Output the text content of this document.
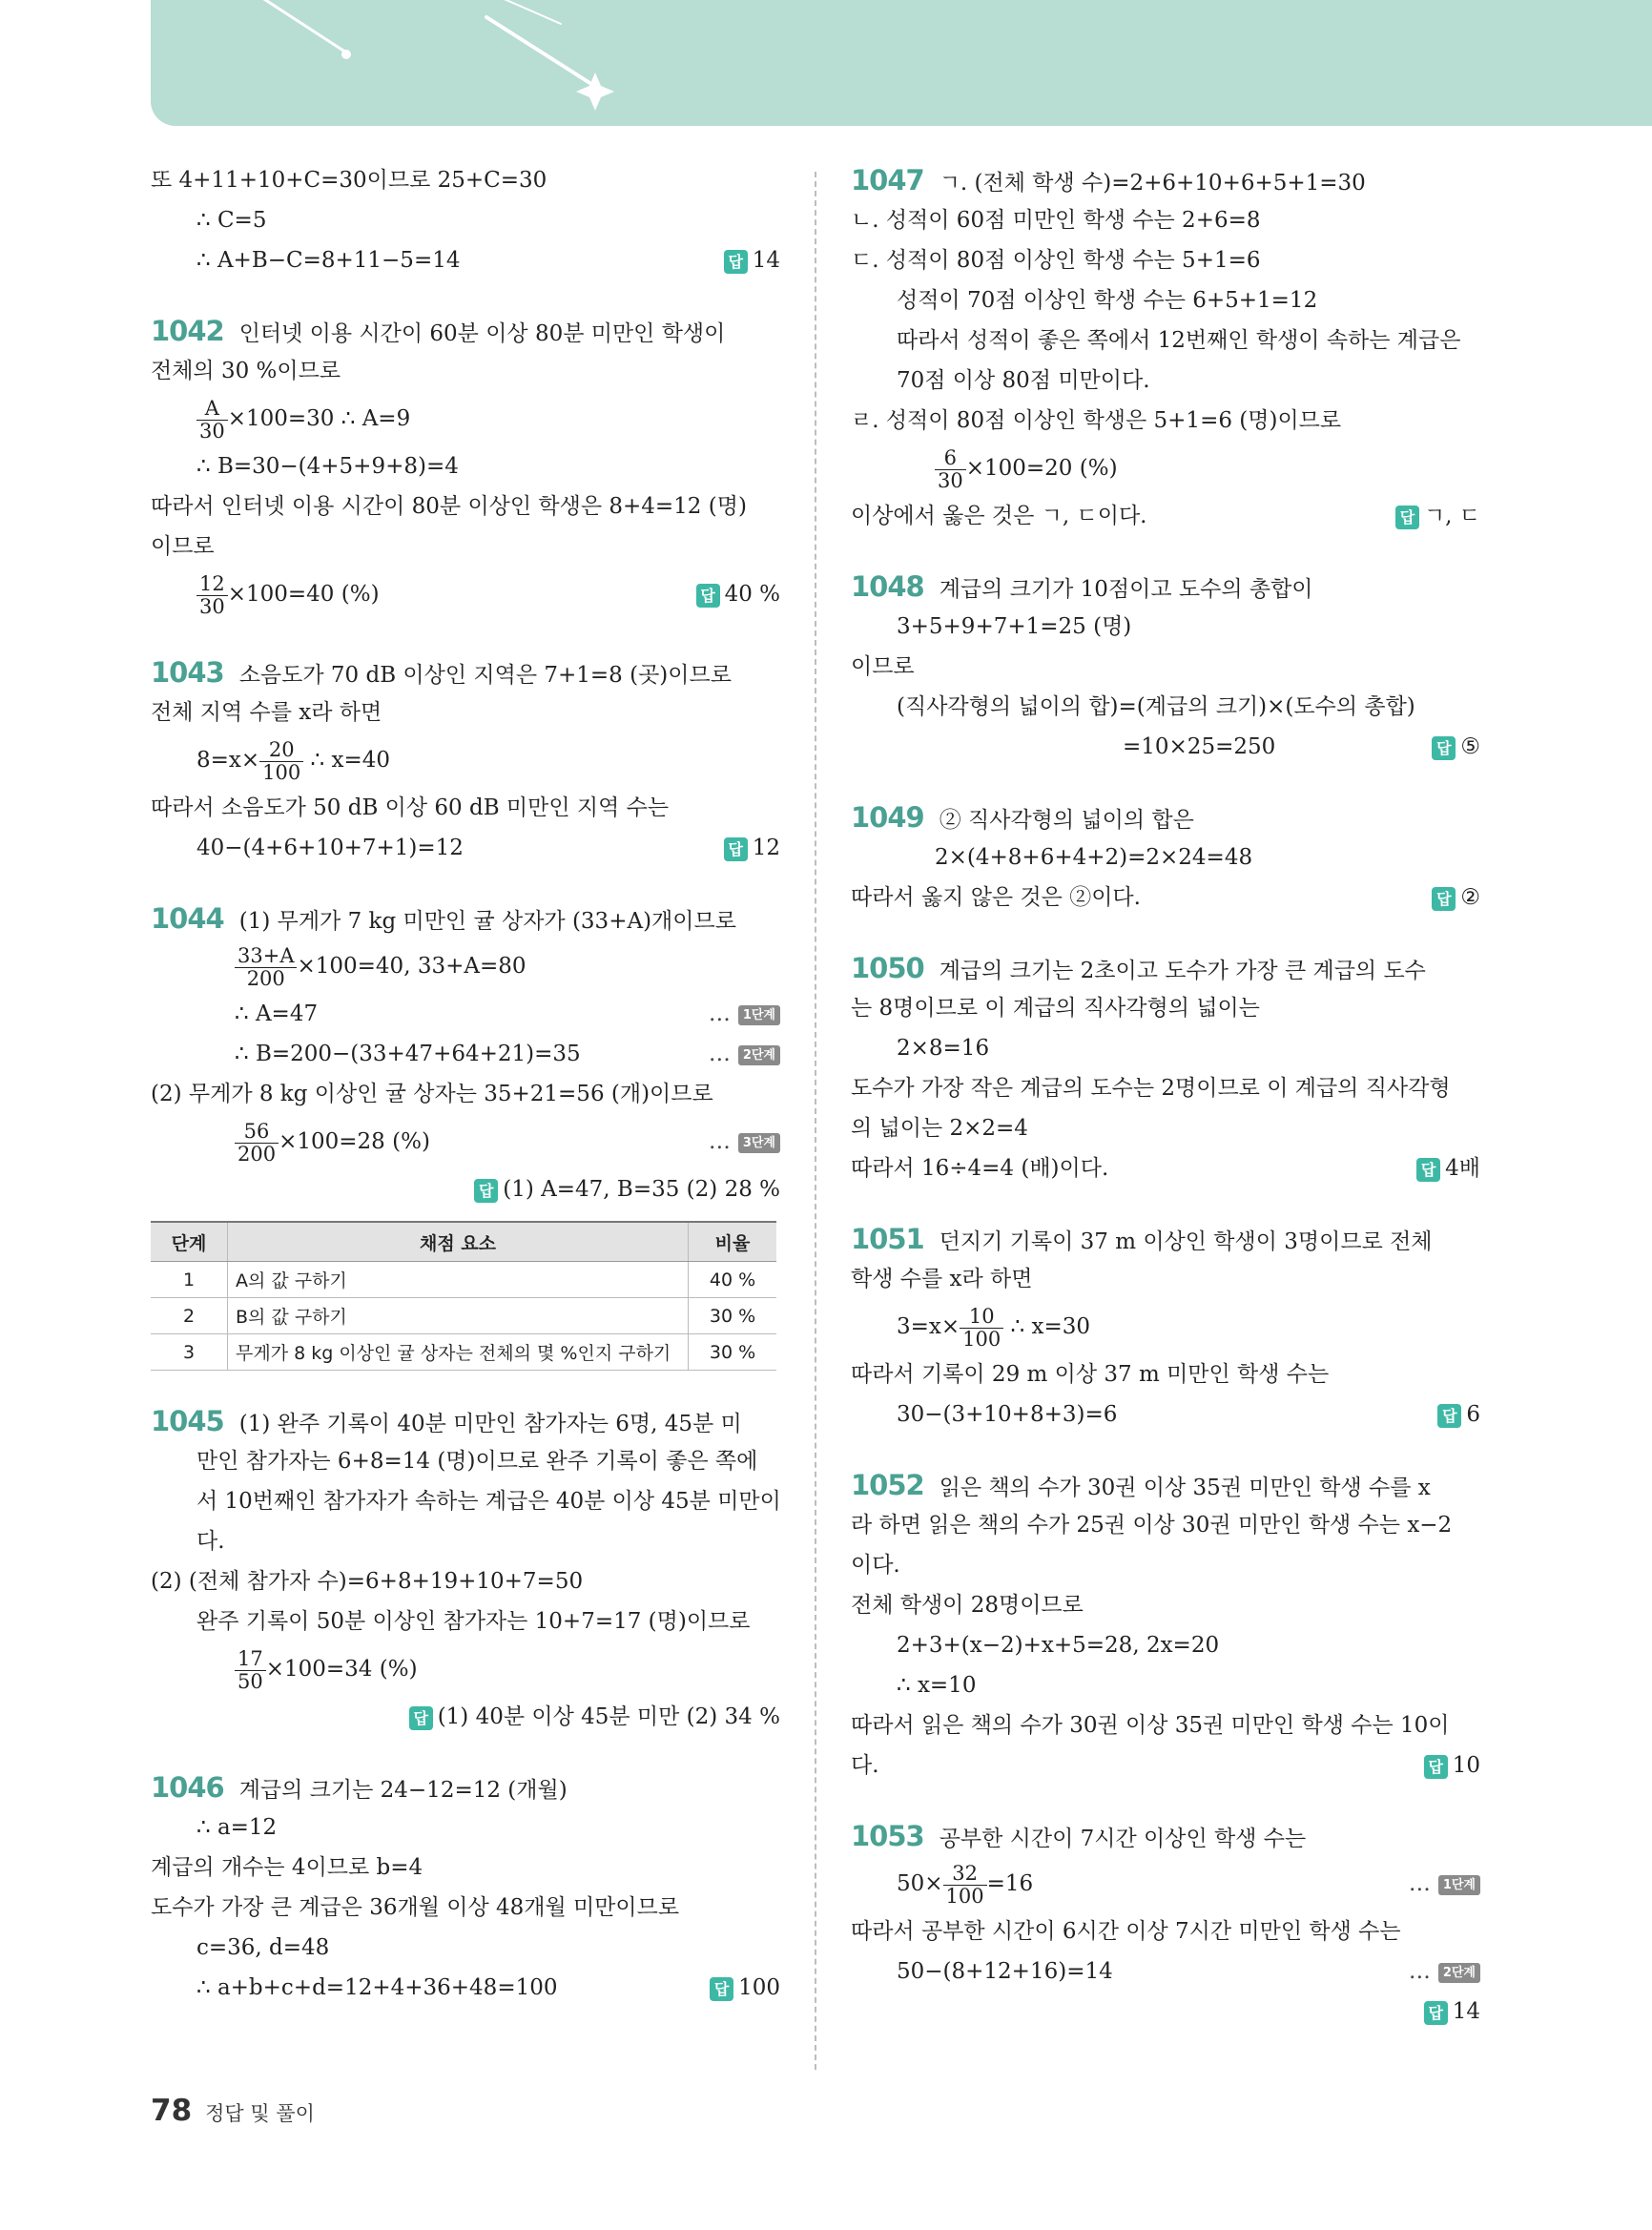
또 4+11+10+C=30이므로 25+C=30
∴ C=5
∴ A+B−C=8+11−5=14	답 14
1042 인터넷 이용 시간이 60분 이상 80분 미만인 학생이
전체의 30 %이므로
$\frac{A}{30} \times 100=30$ ∴ A=9
∴ B=30−(4+5+9+8)=4
따라서 인터넷 이용 시간이 80분 이상인 학생은 8+4=12 (명)
이므로
$\frac{12}{30} \times 100=40$ (%)	답 40 %
1043 소음도가 70 dB 이상인 지역은 7+1=8 (곳)이므로
전체 지역 수를 x라 하면
$8=x\times \frac{20}{100}$ ∴ x=40
따라서 소음도가 50 dB 이상 60 dB 미만인 지역 수는
40−(4+6+10+7+1)=12	답 12
1044 (1) 무게가 7 kg 미만인 귤 상자가 (33+A)개이므로
$\frac{33+A}{200} \times 100=40$, 33+A=80
∴ A=47	… 1단계
∴ B=200−(33+47+64+21)=35	… 2단계
(2) 무게가 8 kg 이상인 귤 상자는 35+21=56 (개)이므로
$\frac{56}{200} \times 100=28$ (%)	… 3단계
답 (1) A=47, B=35 (2) 28 %
단계	채점 요소	비율
1	A의 값 구하기	40 %
2	B의 값 구하기	30 %
3	무게가 8 kg 이상인 귤 상자는 전체의 몇 %인지 구하기	30 %
1045 (1) 완주 기록이 40분 미만인 참가자는 6명, 45분 미
만인 참가자는 6+8=14 (명)이므로 완주 기록이 좋은 쪽에
서 10번째인 참가자가 속하는 계급은 40분 이상 45분 미만이
다.
(2) (전체 참가자 수)=6+8+19+10+7=50
완주 기록이 50분 이상인 참가자는 10+7=17 (명)이므로
$\frac{17}{50} \times 100=34$ (%)
답 (1) 40분 이상 45분 미만 (2) 34 %
1046 계급의 크기는 24−12=12 (개월)
∴ a=12
계급의 개수는 4이므로 b=4
도수가 가장 큰 계급은 36개월 이상 48개월 미만이므로
c=36, d=48
∴ a+b+c+d=12+4+36+48=100	답 100
1047 ㄱ. (전체 학생 수)=2+6+10+6+5+1=30
ㄴ. 성적이 60점 미만인 학생 수는 2+6=8
ㄷ. 성적이 80점 이상인 학생 수는 5+1=6
성적이 70점 이상인 학생 수는 6+5+1=12
따라서 성적이 좋은 쪽에서 12번째인 학생이 속하는 계급은
70점 이상 80점 미만이다.
ㄹ. 성적이 80점 이상인 학생은 5+1=6 (명)이므로
$\frac{6}{30} \times 100=20$ (%)
이상에서 옳은 것은 ㄱ, ㄷ이다.	답 ㄱ, ㄷ
1048 계급의 크기가 10점이고 도수의 총합이
3+5+9+7+1=25 (명)
이므로
(직사각형의 넓이의 합)=(계급의 크기)×(도수의 총합)
=10×25=250	답 ⑤
1049 ② 직사각형의 넓이의 합은
2×(4+8+6+4+2)=2×24=48
따라서 옳지 않은 것은 ②이다.	답 ②
1050 계급의 크기는 2초이고 도수가 가장 큰 계급의 도수
는 8명이므로 이 계급의 직사각형의 넓이는
2×8=16
도수가 가장 작은 계급의 도수는 2명이므로 이 계급의 직사각형
의 넓이는 2×2=4
따라서 16÷4=4 (배)이다.	답 4배
1051 던지기 기록이 37 m 이상인 학생이 3명이므로 전체
학생 수를 x라 하면
$3=x\times \frac{10}{100}$ ∴ x=30
따라서 기록이 29 m 이상 37 m 미만인 학생 수는
30−(3+10+8+3)=6	답 6
1052 읽은 책의 수가 30권 이상 35권 미만인 학생 수를 x
라 하면 읽은 책의 수가 25권 이상 30권 미만인 학생 수는 x−2
이다.
전체 학생이 28명이므로
2+3+(x−2)+x+5=28, 2x=20
∴ x=10
따라서 읽은 책의 수가 30권 이상 35권 미만인 학생 수는 10이
다.	답 10
1053 공부한 시간이 7시간 이상인 학생 수는
$50\times \frac{32}{100} =16$	… 1단계
따라서 공부한 시간이 6시간 이상 7시간 미만인 학생 수는
50−(8+12+16)=14	… 2단계
답 14
78 정답 및 풀이
